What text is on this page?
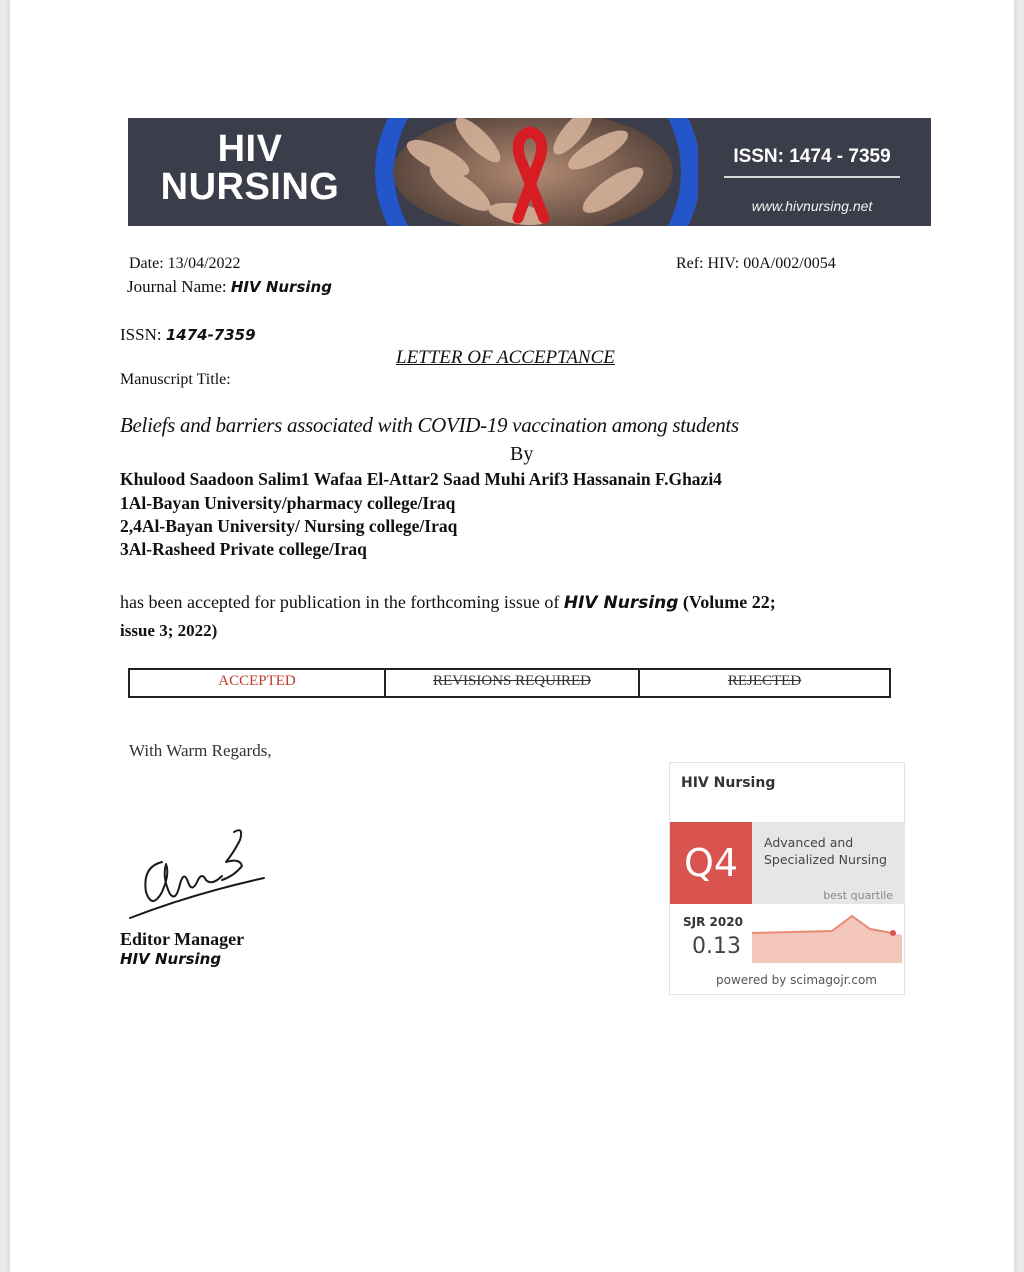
HIV
NURSING
ISSN: 1474 - 7359
www.hivnursing.net
Date: 13/04/2022	Ref: HIV: 00A/002/0054
Journal Name: HIV Nursing
ISSN: 1474-7359
LETTER OF ACCEPTANCE
Manuscript Title:
Beliefs and barriers associated with COVID-19 vaccination among students
By
Khulood Saadoon Salim1 Wafaa El-Attar2 Saad Muhi Arif3 Hassanain F.Ghazi4
1Al-Bayan University/pharmacy college/Iraq
2,4Al-Bayan University/ Nursing college/Iraq
3Al-Rasheed Private college/Iraq
has been accepted for publication in the forthcoming issue of HIV Nursing (Volume 22;
issue 3; 2022)
ACCEPTED	REVISIONS REQUIRED	REJECTED
With Warm Regards,
Editor Manager
HIV Nursing
HIV Nursing
Q4	Advanced and
Specialized Nursing
best quartile
SJR 2020
0.13
powered by scimagojr.com
